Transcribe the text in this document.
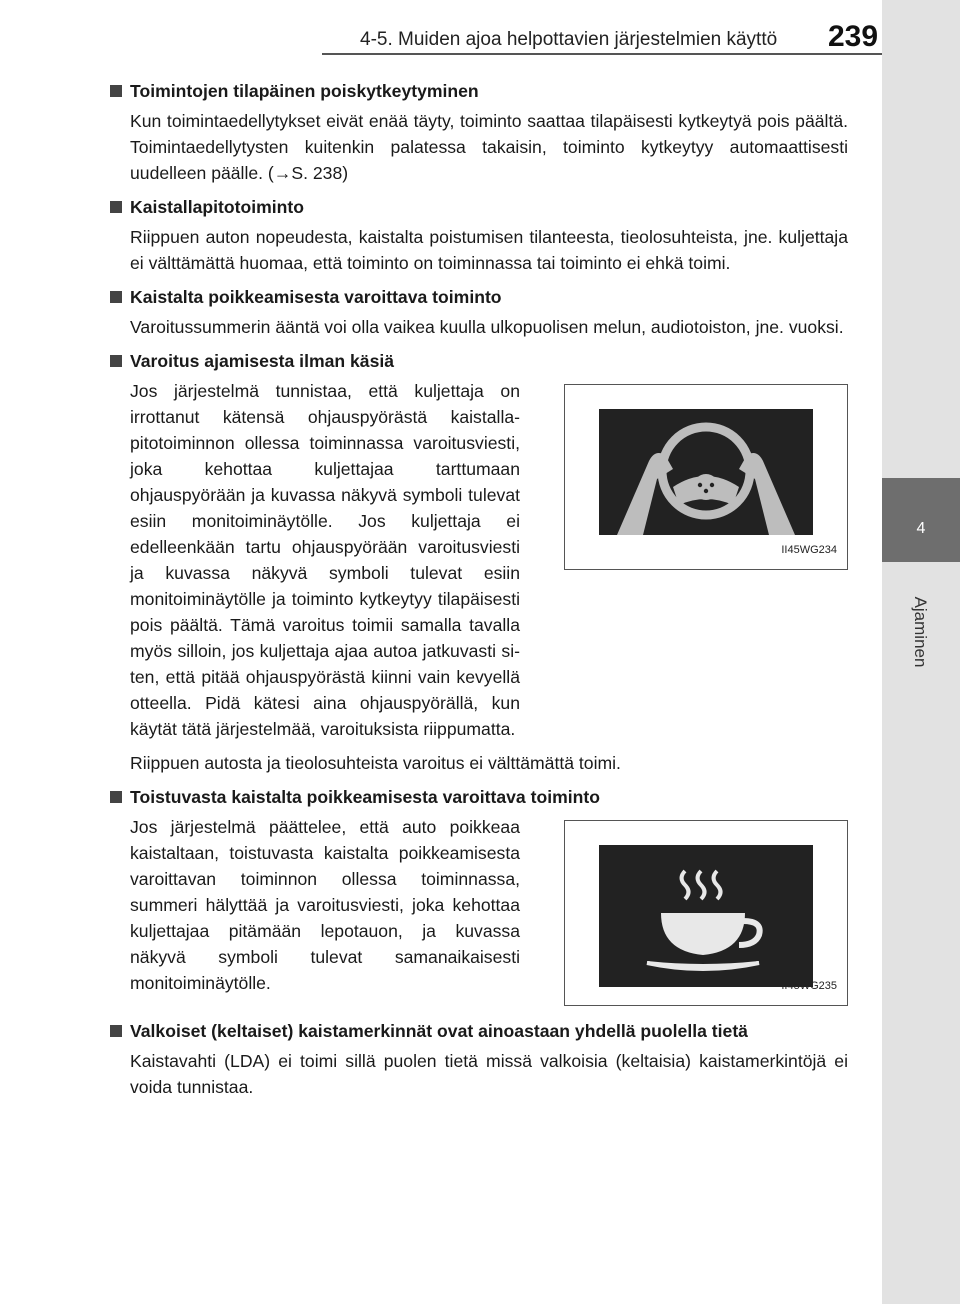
4-5. Muiden ajoa helpottavien järjestelmien käyttö 239
4
Ajaminen
Toimintojen tilapäinen poiskytkeytyminen
Kun toimintaedellytykset eivät enää täyty, toiminto saattaa tilapäisesti kytkeytyä pois päältä. Toimintaedellytysten kuitenkin palatessa takaisin, toiminto kytkeytyy automaattisesti uudelleen päälle. (→S. 238)
Kaistallapitotoiminto
Riippuen auton nopeudesta, kaistalta poistumisen tilanteesta, tieolosuhteista, jne. kuljettaja ei välttämättä huomaa, että toiminto on toiminnassa tai toiminto ei ehkä toimi.
Kaistalta poikkeamisesta varoittava toiminto
Varoitussummerin ääntä voi olla vaikea kuulla ulkopuolisen melun, audiotoiston, jne. vuoksi.
Varoitus ajamisesta ilman käsiä
Jos järjestelmä tunnistaa, että kuljettaja on irrottanut kätensä ohjauspyörästä kaistallapitotoiminnon ollessa toiminnassa varoitusviesti, joka kehottaa kuljettajaa tarttumaan ohjauspyörään ja kuvassa näkyvä symboli tulevat esiin monitoiminäytölle. Jos kuljettaja ei edelleenkään tartu ohjauspyörään varoitusviesti ja kuvassa näkyvä symboli tulevat esiin monitoiminäytölle ja toiminto kytkeytyy tilapäisesti pois päältä. Tämä varoitus toimii samalla tavalla myös silloin, jos kuljettaja ajaa autoa jatkuvasti siten, että pitää ohjauspyörästä kiinni vain kevyellä otteella. Pidä kätesi aina ohjauspyörällä, kun käytät tätä järjestelmää, varoituksista riippumatta.
II45WG234
Riippuen autosta ja tieolosuhteista varoitus ei välttämättä toimi.
Toistuvasta kaistalta poikkeamisesta varoittava toiminto
Jos järjestelmä päättelee, että auto poikkeaa kaistaltaan, toistuvasta kaistalta poikkeamisesta varoittavan toiminnon ollessa toiminnassa, summeri hälyttää ja varoitusviesti, joka kehottaa kuljettajaa pitämään lepotauon, ja kuvassa näkyvä symboli tulevat samanaikaisesti monitoiminäytölle.	II45WG235
Valkoiset (keltaiset) kaistamerkinnät ovat ainoastaan yhdellä puolella tietä
Kaistavahti (LDA) ei toimi sillä puolen tietä missä valkoisia (keltaisia) kaistamerkintöjä ei voida tunnistaa.
